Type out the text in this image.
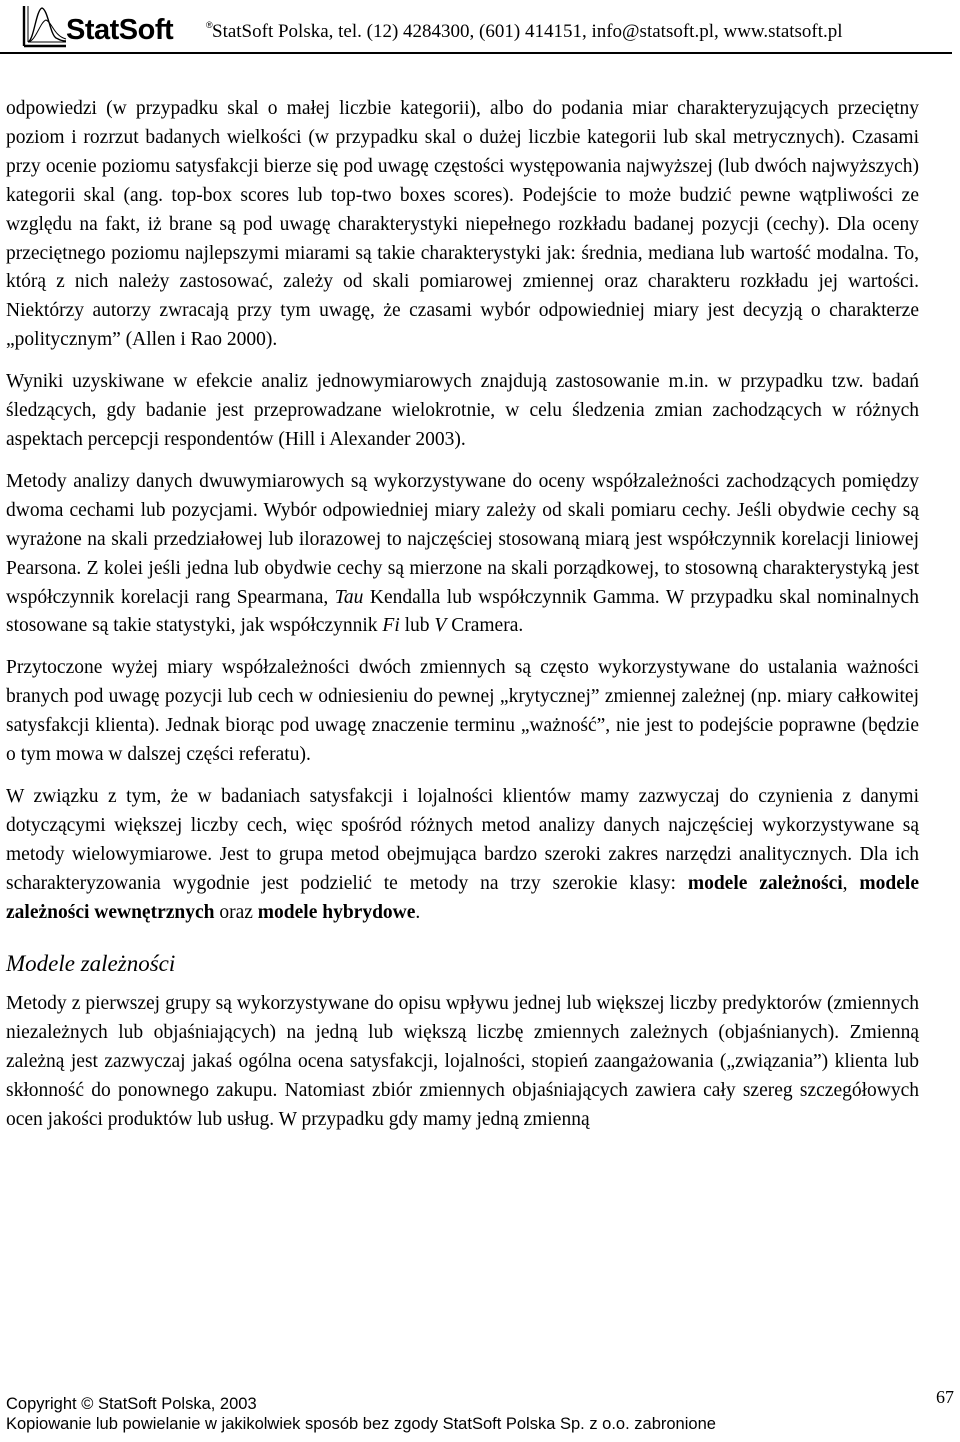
StatSoft	® StatSoft Polska, tel. (12) 4284300, (601) 414151, info@statsoft.pl, www.statsoft.pl

odpowiedzi (w przypadku skal o małej liczbie kategorii), albo do podania miar charakteryzujących przeciętny poziom i rozrzut badanych wielkości (w przypadku skal o dużej liczbie kategorii lub skal metrycznych). Czasami przy ocenie poziomu satysfakcji bierze się pod uwagę częstości występowania najwyższej (lub dwóch najwyższych) kategorii skal (ang. top-box scores lub top-two boxes scores). Podejście to może budzić pewne wątpliwości ze względu na fakt, iż brane są pod uwagę charakterystyki niepełnego rozkładu badanej pozycji (cechy). Dla oceny przeciętnego poziomu najlepszymi miarami są takie charakterystyki jak: średnia, mediana lub wartość modalna. To, którą z nich należy zastosować, zależy od skali pomiarowej zmiennej oraz charakteru rozkładu jej wartości. Niektórzy autorzy zwracają przy tym uwagę, że czasami wybór odpowiedniej miary jest decyzją o charakterze „politycznym” (Allen i Rao 2000).

Wyniki uzyskiwane w efekcie analiz jednowymiarowych znajdują zastosowanie m.in. w przypadku tzw. badań śledzących, gdy badanie jest przeprowadzane wielokrotnie, w celu śledzenia zmian zachodzących w różnych aspektach percepcji respondentów (Hill i Alexander 2003).

Metody analizy danych dwuwymiarowych są wykorzystywane do oceny współzależności zachodzących pomiędzy dwoma cechami lub pozycjami. Wybór odpowiedniej miary zależy od skali pomiaru cechy. Jeśli obydwie cechy są wyrażone na skali przedziałowej lub ilorazowej to najczęściej stosowaną miarą jest współczynnik korelacji liniowej Pearsona. Z kolei jeśli jedna lub obydwie cechy są mierzone na skali porządkowej, to stosowną charakterystyką jest współczynnik korelacji rang Spearmana, Tau Kendalla lub współczynnik Gamma. W przypadku skal nominalnych stosowane są takie statystyki, jak współczynnik Fi lub V Cramera.

Przytoczone wyżej miary współzależności dwóch zmiennych są często wykorzystywane do ustalania ważności branych pod uwagę pozycji lub cech w odniesieniu do pewnej „krytycznej” zmiennej zależnej (np. miary całkowitej satysfakcji klienta). Jednak biorąc pod uwagę znaczenie terminu „ważność”, nie jest to podejście poprawne (będzie o tym mowa w dalszej części referatu).

W związku z tym, że w badaniach satysfakcji i lojalności klientów mamy zazwyczaj do czynienia z danymi dotyczącymi większej liczby cech, więc spośród różnych metod analizy danych najczęściej wykorzystywane są metody wielowymiarowe. Jest to grupa metod obejmująca bardzo szeroki zakres narzędzi analitycznych. Dla ich scharakteryzowania wygodnie jest podzielić te metody na trzy szerokie klasy: modele zależności, modele zależności wewnętrznych oraz modele hybrydowe.

Modele zależności

Metody z pierwszej grupy są wykorzystywane do opisu wpływu jednej lub większej liczby predyktorów (zmiennych niezależnych lub objaśniających) na jedną lub większą liczbę zmiennych zależnych (objaśnianych). Zmienną zależną jest zazwyczaj jakaś ogólna ocena satysfakcji, lojalności, stopień zaangażowania („związania”) klienta lub skłonność do ponownego zakupu. Natomiast zbiór zmiennych objaśniających zawiera cały szereg szczegółowych ocen jakości produktów lub usług. W przypadku gdy mamy jedną zmienną

Copyright © StatSoft Polska, 2003
Kopiowanie lub powielanie w jakikolwiek sposób bez zgody StatSoft Polska Sp. z o.o. zabronione
67
